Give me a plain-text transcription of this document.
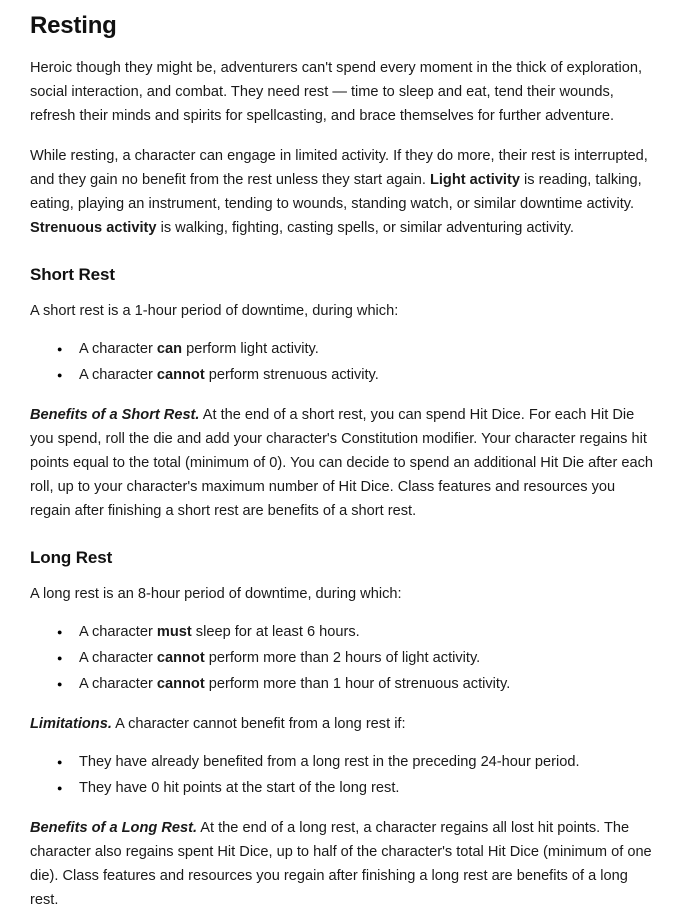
Resting

Heroic though they might be, adventurers can't spend every moment in the thick of exploration, social interaction, and combat. They need rest — time to sleep and eat, tend their wounds, refresh their minds and spirits for spellcasting, and brace themselves for further adventure.

While resting, a character can engage in limited activity. If they do more, their rest is interrupted, and they gain no benefit from the rest unless they start again. Light activity is reading, talking, eating, playing an instrument, tending to wounds, standing watch, or similar downtime activity. Strenuous activity is walking, fighting, casting spells, or similar adventuring activity.

Short Rest

A short rest is a 1-hour period of downtime, during which:

● A character can perform light activity.
● A character cannot perform strenuous activity.

Benefits of a Short Rest. At the end of a short rest, you can spend Hit Dice. For each Hit Die you spend, roll the die and add your character's Constitution modifier. Your character regains hit points equal to the total (minimum of 0). You can decide to spend an additional Hit Die after each roll, up to your character's maximum number of Hit Dice. Class features and resources you regain after finishing a short rest are benefits of a short rest.

Long Rest

A long rest is an 8-hour period of downtime, during which:

● A character must sleep for at least 6 hours.
● A character cannot perform more than 2 hours of light activity.
● A character cannot perform more than 1 hour of strenuous activity.

Limitations. A character cannot benefit from a long rest if:

● They have already benefited from a long rest in the preceding 24-hour period.
● They have 0 hit points at the start of the long rest.

Benefits of a Long Rest. At the end of a long rest, a character regains all lost hit points. The character also regains spent Hit Dice, up to half of the character's total Hit Dice (minimum of one die). Class features and resources you regain after finishing a long rest are benefits of a long rest.
